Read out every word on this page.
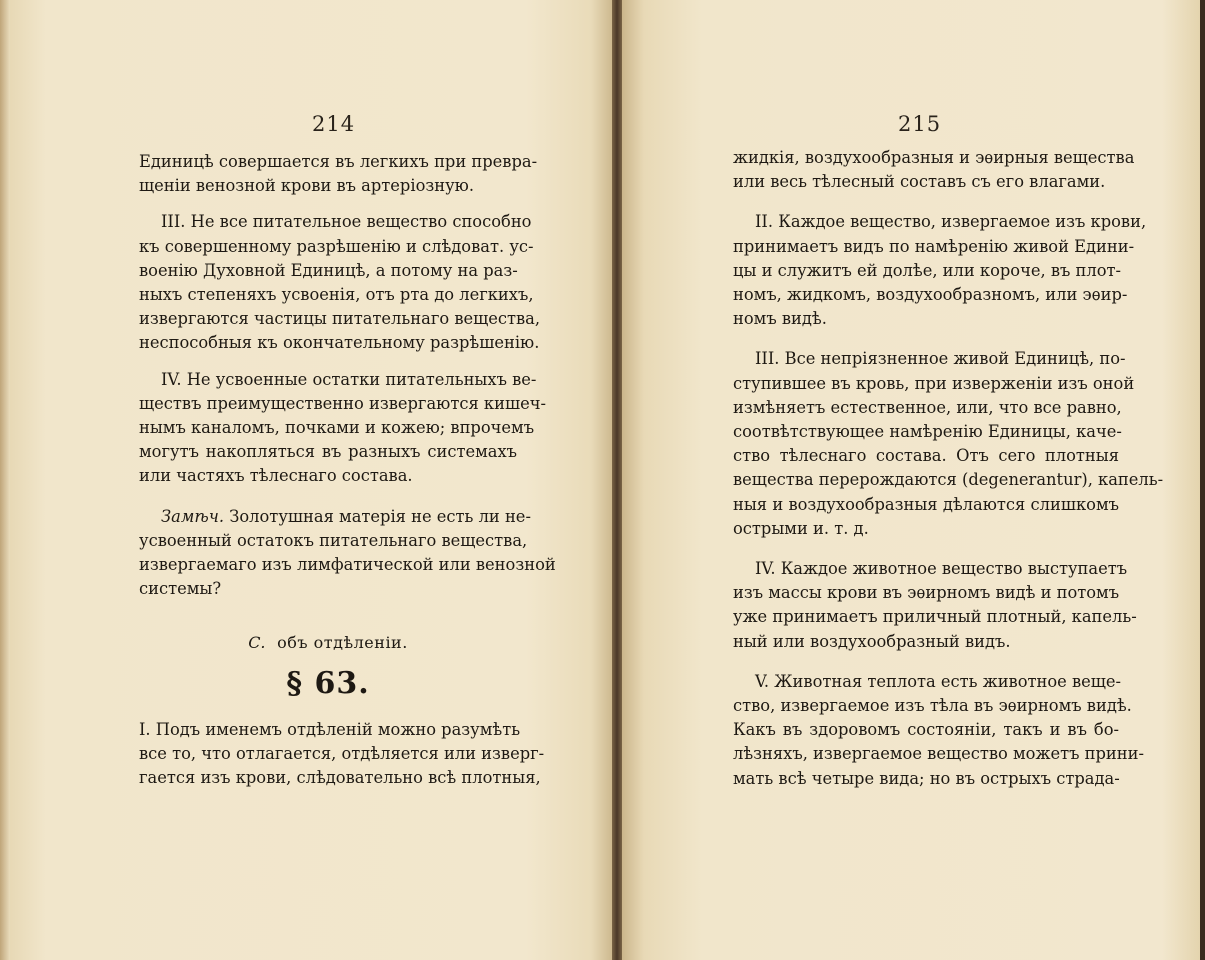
214
Единицѣ совершается въ легкихъ при превра-
щеніи венозной крови въ артеріозную.
III. Не все питательное вещество способно
къ совершенному разрѣшенію и слѣдоват. ус-
военію Духовной Единицѣ, а потому на раз-
ныхъ степеняхъ усвоенія, отъ рта до легкихъ,
извергаются частицы питательнаго вещества,
неспособныя къ окончательному разрѣшенію.
IV. Не усвоенные остатки питательныхъ ве-
ществъ преимущественно извергаются кишеч-
нымъ каналомъ, почками и кожею; впрочемъ
могутъ накопляться въ разныхъ системахъ
или частяхъ тѣлеснаго состава.
Замѣч. Золотушная матерія не есть ли не-
усвоенный остатокъ питательнаго вещества,
извергаемаго изъ лимфатической или венозной
системы?
C. объ отдѣленіи.
§ 63.
I. Подъ именемъ отдѣленій можно разумѣть
все то, что отлагается, отдѣляется или изверг-
гается изъ крови, слѣдовательно всѣ плотныя,
215
жидкія, воздухообразныя и эѳирныя вещества
или весь тѣлесный составъ съ его влагами.
II. Каждое вещество, извергаемое изъ крови,
принимаетъ видъ по намѣренію живой Едини-
цы и служитъ ей долѣе, или короче, въ плот-
номъ, жидкомъ, воздухообразномъ, или эѳир-
номъ видѣ.
III. Все непріязненное живой Единицѣ, по-
ступившее въ кровь, при изверженіи изъ оной
измѣняетъ естественное, или, что все равно,
соотвѣтствующее намѣренію Единицы, каче-
ство тѣлеснаго состава. Отъ сего плотныя
вещества перерождаются (degenerantur), капель-
ныя и воздухообразныя дѣлаются слишкомъ
острыми и. т. д.
IV. Каждое животное вещество выступаетъ
изъ массы крови въ эѳирномъ видѣ и потомъ
уже принимаетъ приличный плотный, капель-
ный или воздухообразный видъ.
V. Животная теплота есть животное веще-
ство, извергаемое изъ тѣла въ эѳирномъ видѣ.
Какъ въ здоровомъ состояніи, такъ и въ бо-
лѣзняхъ, извергаемое вещество можетъ прини-
мать всѣ четыре вида; но въ острыхъ страда-
